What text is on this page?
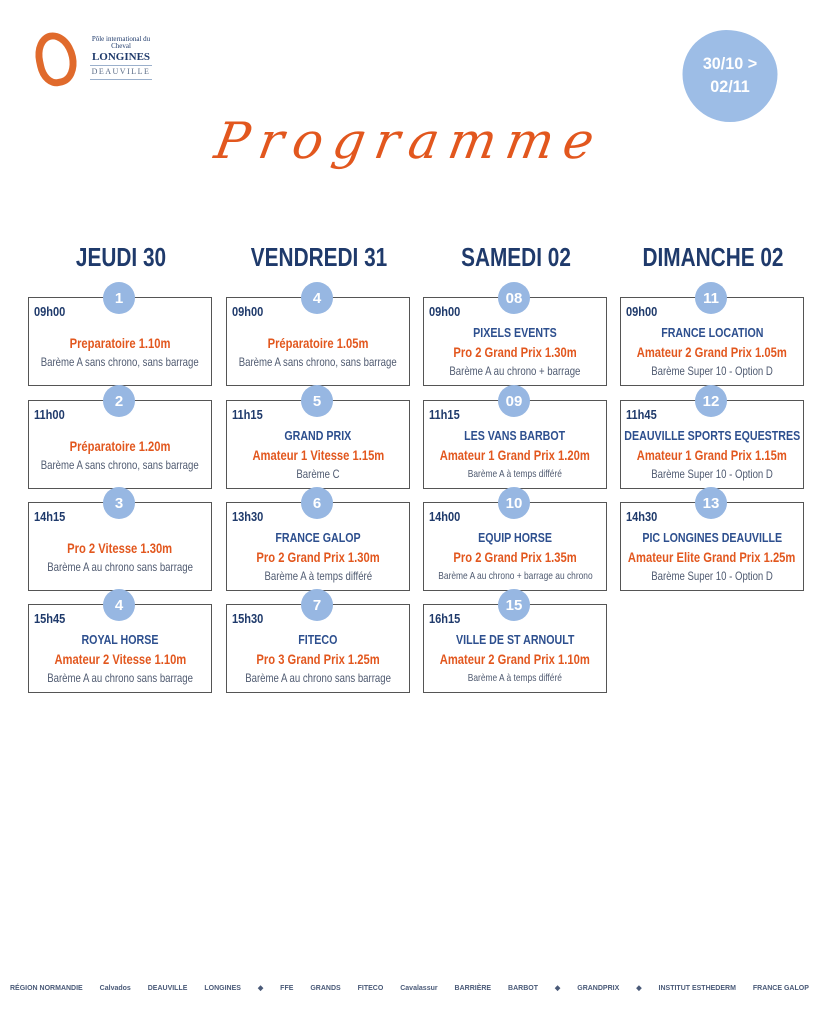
Pôle international du Cheval
LONGINES
DEAUVILLE	30/10 >
02/11
Programme
JEUDI 30
1
09h00
Preparatoire 1.10m
Barème A sans chrono, sans barrage
2
11h00
Préparatoire 1.20m
Barème A sans chrono, sans barrage
3
14h15
Pro 2 Vitesse 1.30m
Barème A au chrono sans barrage
4
15h45
ROYAL HORSE
Amateur 2 Vitesse 1.10m
Barème A au chrono sans barrage
VENDREDI 31
4
09h00
Préparatoire 1.05m
Barème A sans chrono, sans barrage
5
11h15
GRAND PRIX
Amateur 1 Vitesse 1.15m
Barème C
6
13h30
FRANCE GALOP
Pro 2 Grand Prix 1.30m
Barème A à temps différé
7
15h30
FITECO
Pro 3 Grand Prix 1.25m
Barème A au chrono sans barrage
SAMEDI 02
08
09h00
PIXELS EVENTS
Pro 2 Grand Prix 1.30m
Barème A au chrono + barrage
09
11h15
LES VANS BARBOT
Amateur 1 Grand Prix 1.20m
Barème A à temps différé
10
14h00
EQUIP HORSE
Pro 2 Grand Prix 1.35m
Barème A au chrono + barrage au chrono
15
16h15
VILLE DE ST ARNOULT
Amateur 2 Grand Prix 1.10m
Barème A à temps différé
DIMANCHE 02
11
09h00
FRANCE LOCATION
Amateur 2 Grand Prix 1.05m
Barème Super 10 - Option D
12
11h45
DEAUVILLE SPORTS EQUESTRES
Amateur 1 Grand Prix 1.15m
Barème Super 10 - Option D
13
14h30
PIC LONGINES DEAUVILLE
Amateur Elite Grand Prix 1.25m
Barème Super 10 - Option D
RÉGION NORMANDIE Calvados DEAUVILLE LONGINES ◆ FFE GRANDS FITECO Cavalassur BARRIÈRE BARBOT ◆ GRANDPRIX ◆ INSTITUT ESTHEDERM FRANCE GALOP
